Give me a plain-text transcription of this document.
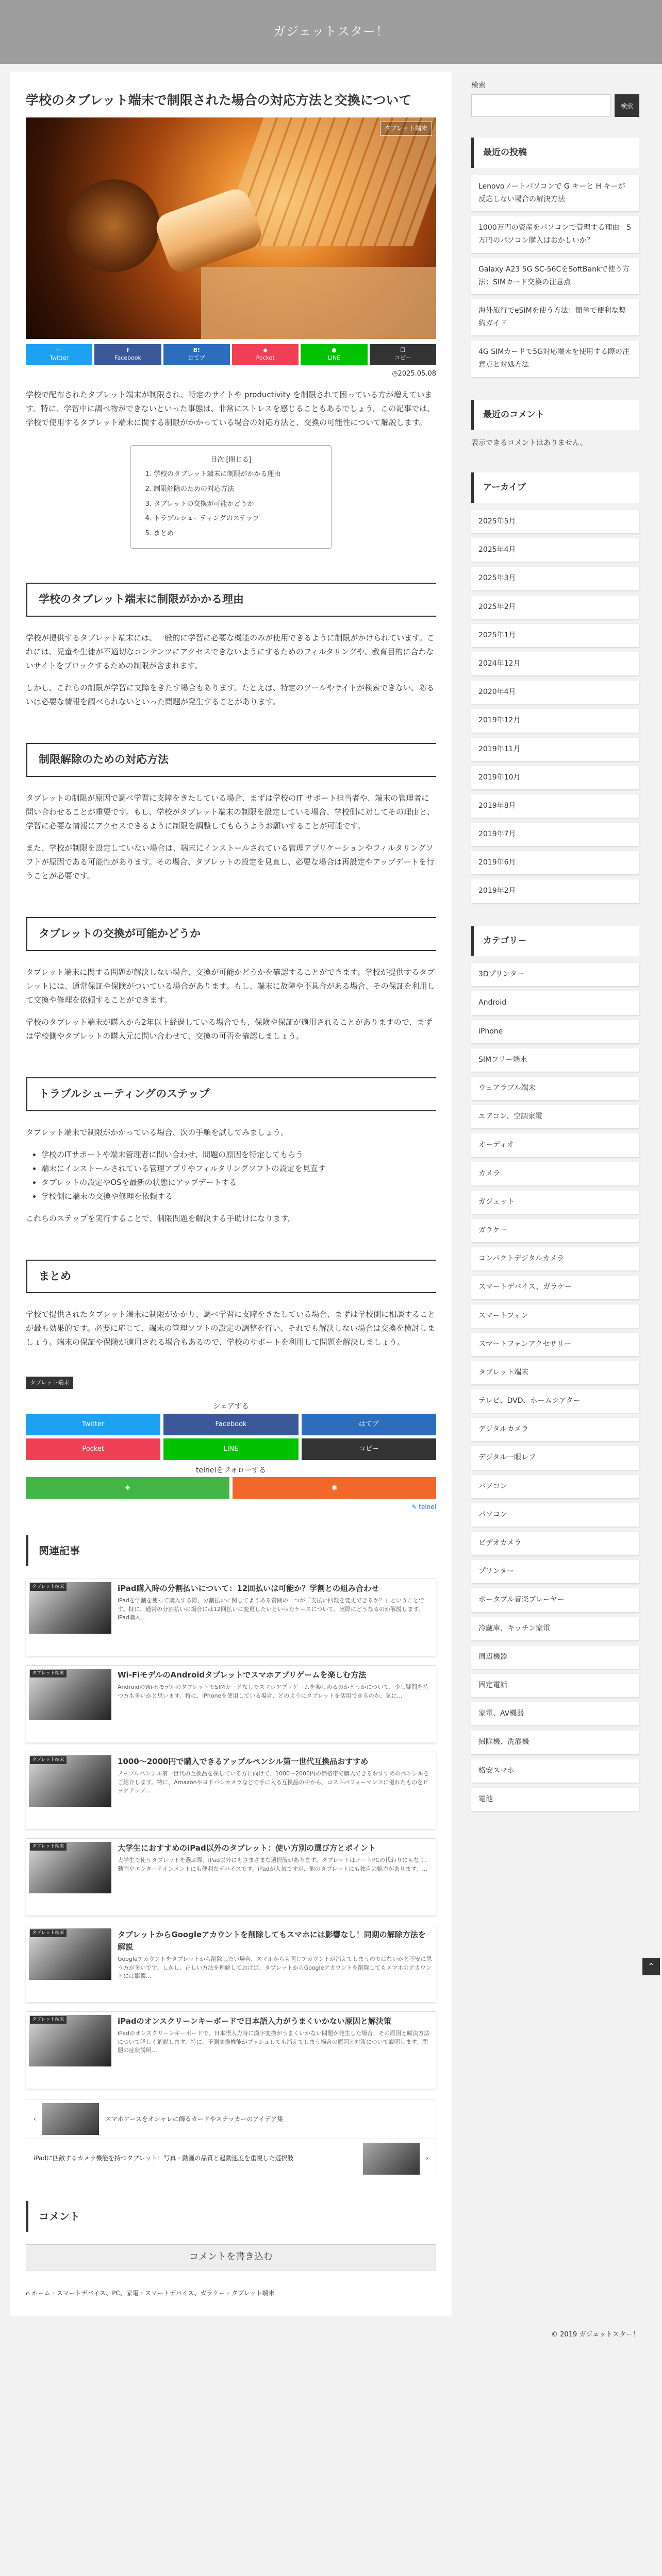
ガジェットスター！
学校のタブレット端末で制限された場合の対応方法と交換について
タブレット端末
🐦
Twitter
f
Facebook
B!
はてブ
◆
Pocket
●
LINE
❐
コピー
◷2025.05.08

学校で配布されたタブレット端末が制限され、特定のサイトや productivity を制限されて困っている方が増えています。特に、学習中に調べ物ができないといった事態は、非常にストレスを感じることもあるでしょう。この記事では、学校で使用するタブレット端末に関する制限がかかっている場合の対応方法と、交換の可能性について解説します。

目次 [閉じる]
1. 学校のタブレット端末に制限がかかる理由
2. 制限解除のための対応方法
3. タブレットの交換が可能かどうか
4. トラブルシューティングのステップ
5. まとめ
学校のタブレット端末に制限がかかる理由

学校が提供するタブレット端末には、一般的に学習に必要な機能のみが使用できるように制限がかけられています。これには、児童や生徒が不適切なコンテンツにアクセスできないようにするためのフィルタリングや、教育目的に合わないサイトをブロックするための制限が含まれます。

しかし、これらの制限が学習に支障をきたす場合もあります。たとえば、特定のツールやサイトが検索できない、あるいは必要な情報を調べられないといった問題が発生することがあります。

制限解除のための対応方法

タブレットの制限が原因で調べ学習に支障をきたしている場合、まずは学校のIT サポート担当者や、端末の管理者に問い合わせることが重要です。もし、学校がタブレット端末の制限を設定している場合、学校側に対してその理由と、学習に必要な情報にアクセスできるように制限を調整してもらうようお願いすることが可能です。

また、学校が制限を設定していない場合は、端末にインストールされている管理アプリケーションやフィルタリングソフトが原因である可能性があります。その場合、タブレットの設定を見直し、必要な場合は再設定やアップデートを行うことが必要です。

タブレットの交換が可能かどうか

タブレット端末に関する問題が解決しない場合、交換が可能かどうかを確認することができます。学校が提供するタブレットには、通常保証や保険がついている場合があります。もし、端末に故障や不具合がある場合、その保証を利用して交換や修理を依頼することができます。

学校のタブレット端末が購入から2年以上経過している場合でも、保険や保証が適用されることがありますので、まずは学校側やタブレットの購入元に問い合わせて、交換の可否を確認しましょう。

トラブルシューティングのステップ

タブレット端末で制限がかかっている場合、次の手順を試してみましょう。

• 学校のITサポートや端末管理者に問い合わせ、問題の原因を特定してもらう
• 端末にインストールされている管理アプリやフィルタリングソフトの設定を見直す
• タブレットの設定やOSを最新の状態にアップデートする
• 学校側に端末の交換や修理を依頼する

これらのステップを実行することで、制限問題を解決する手助けになります。

まとめ

学校で提供されたタブレット端末に制限がかかり、調べ学習に支障をきたしている場合、まずは学校側に相談することが最も効果的です。必要に応じて、端末の管理ソフトの設定の調整を行い、それでも解決しない場合は交換を検討しましょう。端末の保証や保険が適用される場合もあるので、学校のサポートを利用して問題を解決しましょう。

タブレット端末
シェアする
Twitter	Facebook	はてブ
Pocket	LINE	コピー
telnelをフォローする
◈	◉
✎ telnel
関連記事
タブレット端末	iPad購入時の分割払いについて：12回払いは可能か？学割との組み合わせ
iPadを学割を使って購入する際、分割払いに関してよくある質問の一つが「支払い回数を変更できるか？」ということです。特に、通常の分割払いの場合には12回払いに変更したいといったケースについて、実際にどうなるのか解説します。iPad購入...
タブレット端末	Wi-FiモデルのAndroidタブレットでスマホアプリゲームを楽しむ方法
AndroidのWi-FiモデルのタブレットでSIMカードなしでスマホアプリゲームを楽しめるのかどうかについて、少し疑問を持つ方も多いかと思います。特に、iPhoneを使用している場合、どのようにタブレットを活用できるのか、気に...
タブレット端末	1000〜2000円で購入できるアップルペンシル第一世代互換品おすすめ
アップルペンシル第一世代の互換品を探している方に向けて、1000〜2000円の価格帯で購入できるおすすめのペンシルをご紹介します。特に、Amazonやヨドバシカメラなどで手に入る互換品の中から、コストパフォーマンスに優れたものをピックアップ...
タブレット端末	大学生におすすめのiPad以外のタブレット：使い方別の選び方とポイント
大学生で使うタブレットを選ぶ際、iPad以外にもさまざまな選択肢があります。タブレットはノートPCの代わりにもなり、動画やエンターテインメントにも便利なデバイスです。iPadが人気ですが、他のタブレットにも独自の魅力があります。...
タブレット端末	タブレットからGoogleアカウントを削除してもスマホには影響なし！同期の解除方法を解説
Googleアカウントをタブレットから削除したい場合、スマホからも同じアカウントが消えてしまうのではないかと不安に思う方が多いです。しかし、正しい方法を理解しておけば、タブレットからGoogleアカウントを削除してもスマホのアカウントには影響...
タブレット端末	iPadのオンスクリーンキーボードで日本語入力がうまくいかない原因と解決策
iPadのオンスクリーンキーボードで、日本語入力時に漢字変換がうまくいかない問題が発生した場合、その原因と解決方法について詳しく解説します。特に、予測変換機能がプッシュしても消えてしまう場合の原因と対策について説明します。問題の症状説明...
‹	スマホケースをオシャレに飾るカードやステッカーのアイデア集
iPadに匹敵するカメラ機能を持つタブレット：写真・動画の品質と起動速度を重視した選択肢	›
コメント
コメントを書き込む
⌂ ホーム › スマートデバイス、PC、家電 › スマートデバイス、ガラケー › タブレット端末
検索
検索
最近の投稿
Lenovoノートパソコンで G キーと H キーが反応しない場合の解決方法
1000万円の資産をパソコンで管理する理由：5万円のパソコン購入はおかしいか？
Galaxy A23 5G SC-56CをSoftBankで使う方法：SIMカード交換の注意点
海外旅行でeSIMを使う方法：簡単で便利な契約ガイド
4G SIMカードで5G対応端末を使用する際の注意点と対処方法
最近のコメント
表示できるコメントはありません。
アーカイブ
2025年5月
2025年4月
2025年3月
2025年2月
2025年1月
2024年12月
2020年4月
2019年12月
2019年11月
2019年10月
2019年8月
2019年7月
2019年6月
2019年2月
カテゴリー
3Dプリンター
Android
iPhone
SIMフリー端末
ウェアラブル端末
エアコン、空調家電
オーディオ
カメラ
ガジェット
ガラケー
コンパクトデジタルカメラ
スマートデバイス、ガラケー
スマートフォン
スマートフォンアクセサリー
タブレット端末
テレビ、DVD、ホームシアター
デジタルカメラ
デジタル一眼レフ
パソコン
パソコン
ビデオカメラ
プリンター
ポータブル音楽プレーヤー
冷蔵庫、キッチン家電
周辺機器
固定電話
家電、AV機器
掃除機、洗濯機
格安スマホ
電池
⌃
© 2019 ガジェットスター！
